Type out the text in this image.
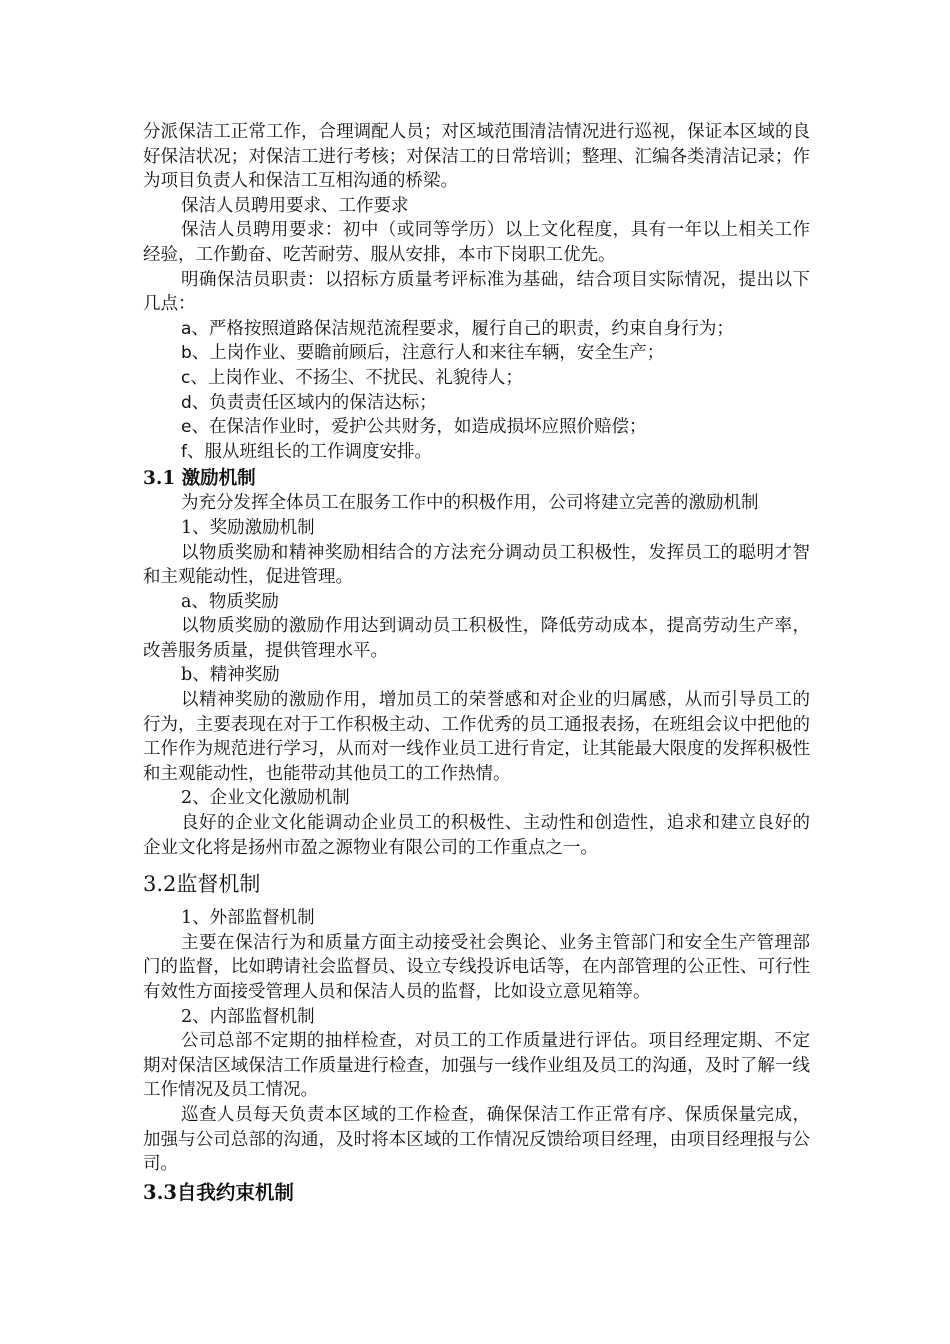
分派保洁工正常工作，合理调配人员；对区域范围清洁情况进行巡视，保证本区域的良好保洁状况；对保洁工进行考核；对保洁工的日常培训；整理、汇编各类清洁记录；作为项目负责人和保洁工互相沟通的桥梁。

保洁人员聘用要求、工作要求

保洁人员聘用要求：初中（或同等学历）以上文化程度，具有一年以上相关工作经验，工作勤奋、吃苦耐劳、服从安排，本市下岗职工优先。

明确保洁员职责：以招标方质量考评标准为基础，结合项目实际情况，提出以下几点：

a、严格按照道路保洁规范流程要求，履行自己的职责，约束自身行为；

b、上岗作业、要瞻前顾后，注意行人和来往车辆，安全生产；

c、上岗作业、不扬尘、不扰民、礼貌待人；

d、负责责任区域内的保洁达标；

e、在保洁作业时，爱护公共财务，如造成损坏应照价赔偿；

f、服从班组长的工作调度安排。

3.1 激励机制

为充分发挥全体员工在服务工作中的积极作用，公司将建立完善的激励机制

1、奖励激励机制

以物质奖励和精神奖励相结合的方法充分调动员工积极性，发挥员工的聪明才智和主观能动性，促进管理。

a、物质奖励

以物质奖励的激励作用达到调动员工积极性，降低劳动成本，提高劳动生产率，改善服务质量，提供管理水平。

b、精神奖励

以精神奖励的激励作用，增加员工的荣誉感和对企业的归属感，从而引导员工的行为，主要表现在对于工作积极主动、工作优秀的员工通报表扬，在班组会议中把他的工作作为规范进行学习，从而对一线作业员工进行肯定，让其能最大限度的发挥积极性和主观能动性，也能带动其他员工的工作热情。

2、企业文化激励机制

良好的企业文化能调动企业员工的积极性、主动性和创造性，追求和建立良好的企业文化将是扬州市盈之源物业有限公司的工作重点之一。

3.2监督机制

1、外部监督机制

主要在保洁行为和质量方面主动接受社会舆论、业务主管部门和安全生产管理部门的监督，比如聘请社会监督员、设立专线投诉电话等，在内部管理的公正性、可行性有效性方面接受管理人员和保洁人员的监督，比如设立意见箱等。

2、内部监督机制

公司总部不定期的抽样检查，对员工的工作质量进行评估。项目经理定期、不定期对保洁区域保洁工作质量进行检查，加强与一线作业组及员工的沟通，及时了解一线工作情况及员工情况。

巡查人员每天负责本区域的工作检查，确保保洁工作正常有序、保质保量完成，加强与公司总部的沟通，及时将本区域的工作情况反馈给项目经理，由项目经理报与公司。

3.3自我约束机制
